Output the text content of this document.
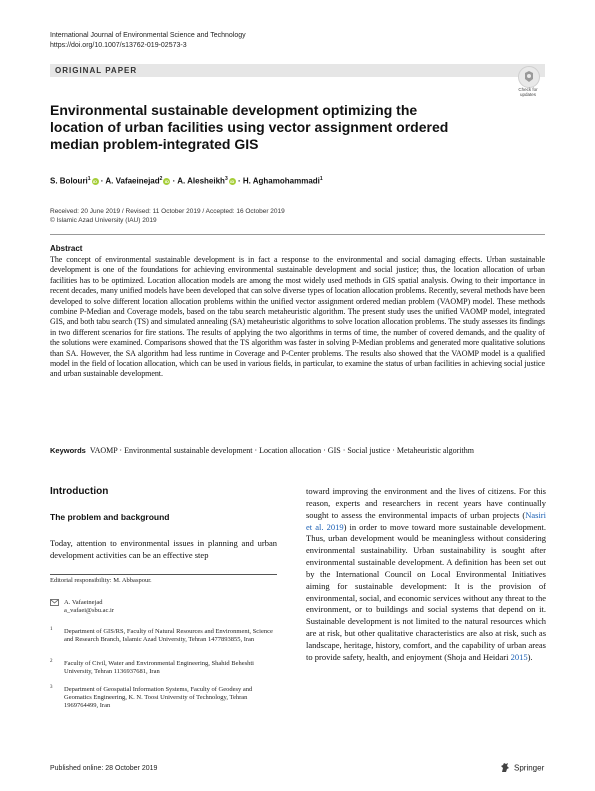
International Journal of Environmental Science and Technology
https://doi.org/10.1007/s13762-019-02573-3
ORIGINAL PAPER
Check for updates
Environmental sustainable development optimizing the location of urban facilities using vector assignment ordered median problem-integrated GIS
S. Bolouri$^1$ iD · A. Vafaeinejad$^2$ iD · A. Alesheikh$^3$ iD · H. Aghamohammadi$^1$
Received: 20 June 2019 / Revised: 11 October 2019 / Accepted: 16 October 2019
© Islamic Azad University (IAU) 2019
Abstract
The concept of environmental sustainable development is in fact a response to the environmental and social damaging effects. Urban sustainable development is one of the foundations for achieving environmental sustainable development and social justice; thus, the location allocation of urban facilities has to be optimized. Location allocation models are among the most widely used methods in GIS spatial analysis. Owing to their importance in recent decades, many unified models have been developed that can solve diverse types of location allocation problems. Recently, several methods have been developed to solve different location allocation problems within the unified vector assignment ordered median problem (VAOMP) model. These methods combine P-Median and Coverage models, based on the tabu search metaheuristic algorithm. The present study uses the unified VAOMP model, integrated GIS, and both tabu search (TS) and simulated annealing (SA) metaheuristic algorithms to solve location allocation problems. The study assesses its findings in two different scenarios for fire stations. The results of applying the two algorithms in terms of time, the number of covered demands, and the quality of the solutions were examined. Comparisons showed that the TS algorithm was faster in solving P-Median problems and generated more qualitative solutions than SA. However, the SA algorithm had less runtime in Coverage and P-Center problems. The results also showed that the VAOMP model is a qualified model in the field of location allocation, which can be used in various fields, in particular, to examine the status of urban facilities in achieving social justice and urban sustainable development.
Keywords VAOMP · Environmental sustainable development · Location allocation · GIS · Social justice · Metaheuristic algorithm
Introduction
The problem and background
Today, attention to environmental issues in planning and urban development activities can be an effective step
Editorial responsibility: M. Abbaspour.
A. Vafaeinejad
a_vafaei@sbu.ac.ir
1 Department of GIS/RS, Faculty of Natural Resources and Environment, Science and Research Branch, Islamic Azad University, Tehran 1477893855, Iran
2 Faculty of Civil, Water and Environmental Engineering, Shahid Beheshti University, Tehran 1136937681, Iran
3 Department of Geospatial Information Systems, Faculty of Geodesy and Geomatics Engineering, K. N. Toosi University of Technology, Tehran 1969764499, Iran
toward improving the environment and the lives of citizens. For this reason, experts and researchers in recent years have continually sought to assess the environmental impacts of urban projects (Nasiri et al. 2019) in order to move toward more sustainable development. Thus, urban development would be meaningless without considering environmental sustainability. Urban sustainability is sought after environmental sustainable development. A definition has been set out by the International Council on Local Environmental Initiatives aiming for sustainable development: It is the provision of environmental, social, and economic services without any threat to the environment, or to buildings and social systems that depend on it. Sustainable development is not limited to the natural resources which are at risk, but other qualitative characteristics are also at risk, such as landscape, heritage, history, comfort, and the capability of urban areas to provide safety, health, and enjoyment (Shoja and Heidari 2015).
Published online: 28 October 2019	Springer
